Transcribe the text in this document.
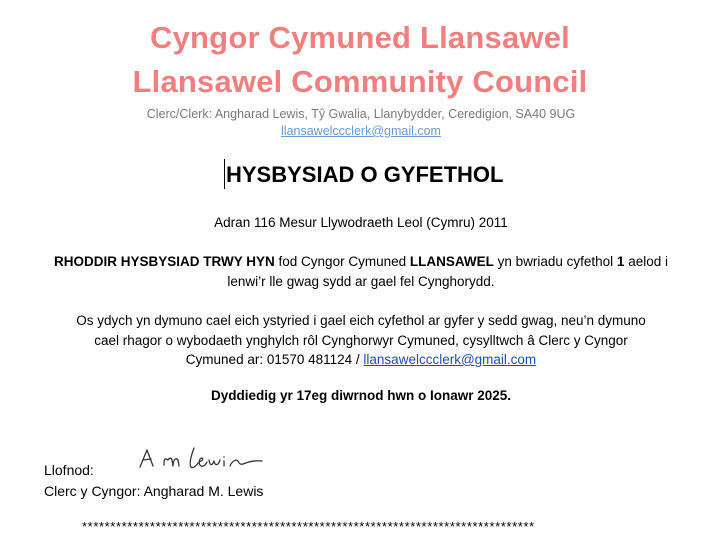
Cyngor Cymuned Llansawel
Llansawel Community Council
Clerc/Clerk: Angharad Lewis, Tŷ Gwalia, Llanybydder, Ceredigion, SA40 9UG
llansawelccclerk@gmail.com
HYSBYSIAD O GYFETHOL
Adran 116 Mesur Llywodraeth Leol (Cymru) 2011
RHODDIR HYSBYSIAD TRWY HYN fod Cyngor Cymuned LLANSAWEL yn bwriadu cyfethol 1 aelod i
lenwi’r lle gwag sydd ar gael fel Cynghorydd.
Os ydych yn dymuno cael eich ystyried i gael eich cyfethol ar gyfer y sedd gwag, neu’n dymuno
cael rhagor o wybodaeth ynghylch rôl Cynghorwyr Cymuned, cysylltwch â Clerc y Cyngor
Cymuned ar: 01570 481124 / llansawelccclerk@gmail.com
Dyddiedig yr 17eg diwrnod hwn o Ionawr 2025.
Llofnod:
Clerc y Cyngor: Angharad M. Lewis
********************************************************************************
